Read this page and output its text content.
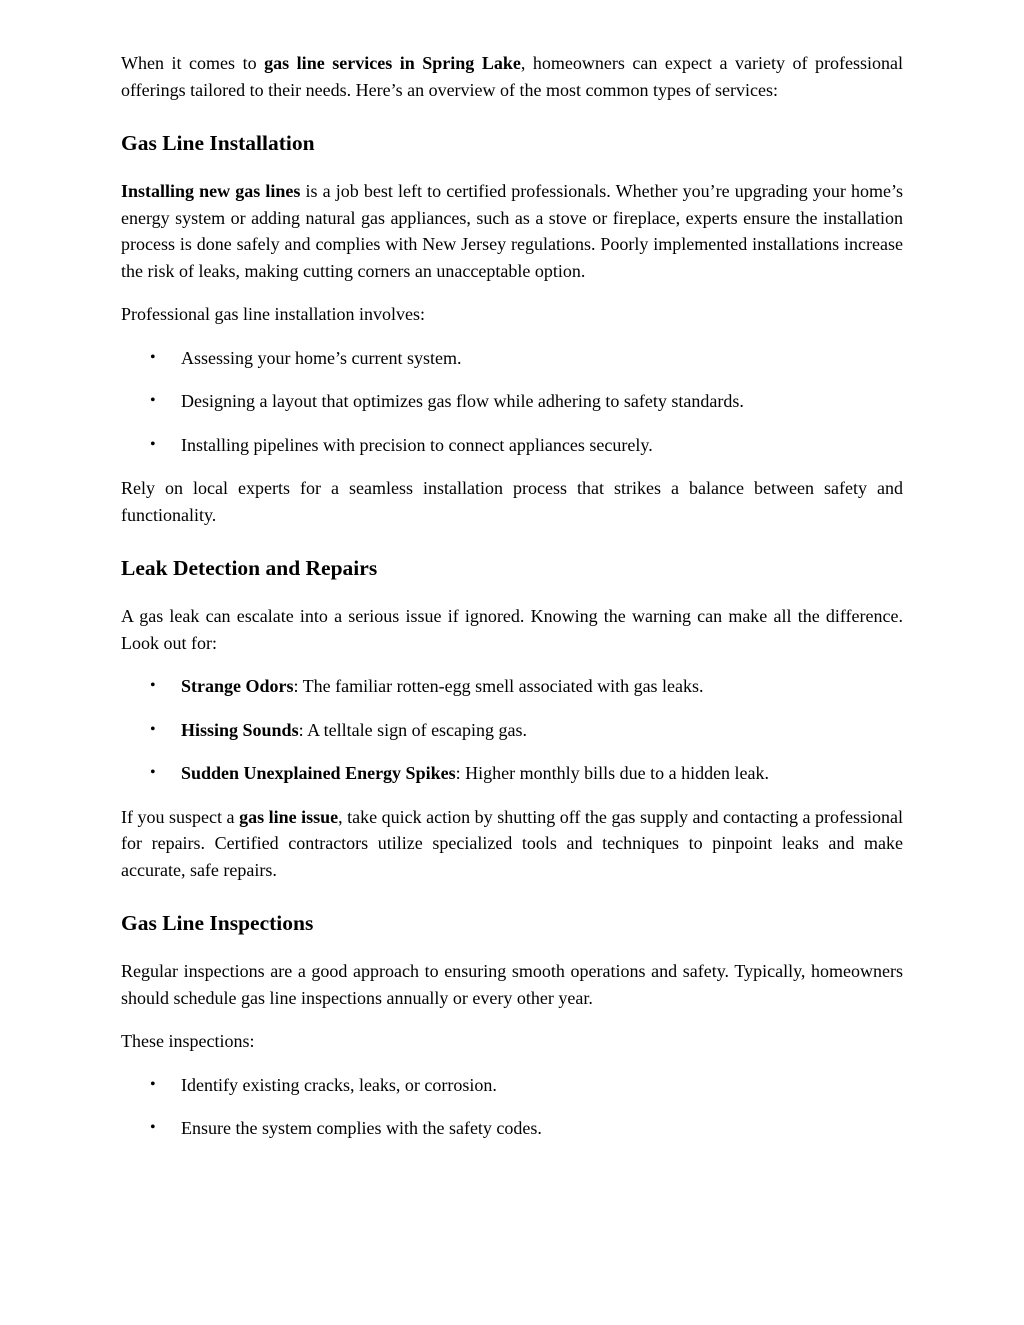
When it comes to gas line services in Spring Lake, homeowners can expect a variety of professional offerings tailored to their needs. Here’s an overview of the most common types of services:

Gas Line Installation

Installing new gas lines is a job best left to certified professionals. Whether you’re upgrading your home’s energy system or adding natural gas appliances, such as a stove or fireplace, experts ensure the installation process is done safely and complies with New Jersey regulations. Poorly implemented installations increase the risk of leaks, making cutting corners an unacceptable option.

Professional gas line installation involves:

• Assessing your home’s current system.
• Designing a layout that optimizes gas flow while adhering to safety standards.
• Installing pipelines with precision to connect appliances securely.

Rely on local experts for a seamless installation process that strikes a balance between safety and functionality.

Leak Detection and Repairs

A gas leak can escalate into a serious issue if ignored. Knowing the warning can make all the difference. Look out for:

• Strange Odors: The familiar rotten-egg smell associated with gas leaks.
• Hissing Sounds: A telltale sign of escaping gas.
• Sudden Unexplained Energy Spikes: Higher monthly bills due to a hidden leak.

If you suspect a gas line issue, take quick action by shutting off the gas supply and contacting a professional for repairs. Certified contractors utilize specialized tools and techniques to pinpoint leaks and make accurate, safe repairs.

Gas Line Inspections

Regular inspections are a good approach to ensuring smooth operations and safety. Typically, homeowners should schedule gas line inspections annually or every other year.

These inspections:

• Identify existing cracks, leaks, or corrosion.
• Ensure the system complies with the safety codes.
